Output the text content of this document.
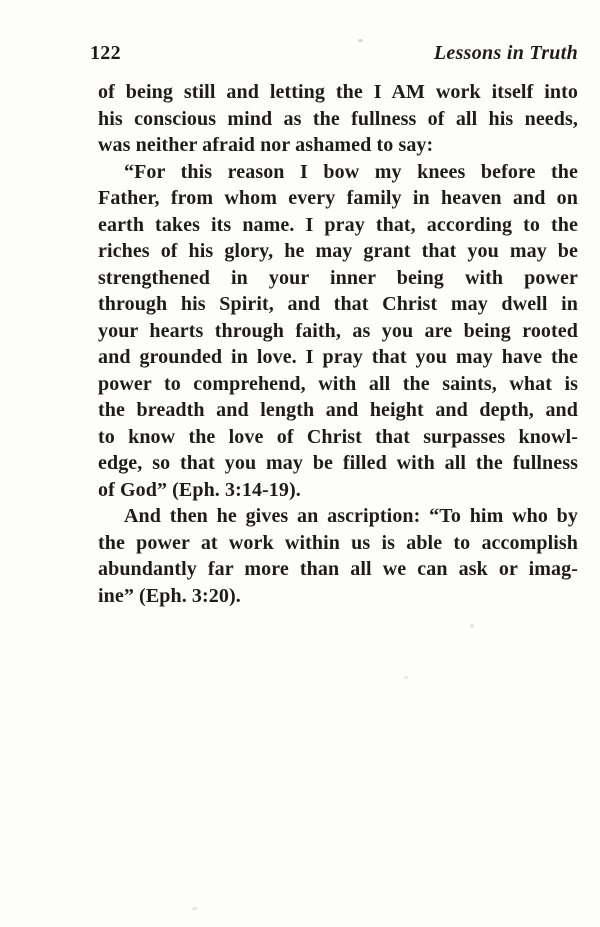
122	Lessons in Truth
of being still and letting the I AM work itself into
his conscious mind as the fullness of all his needs,
was neither afraid nor ashamed to say:
“For this reason I bow my knees before the
Father, from whom every family in heaven and on
earth takes its name. I pray that, according to the
riches of his glory, he may grant that you may be
strengthened in your inner being with power
through his Spirit, and that Christ may dwell in
your hearts through faith, as you are being rooted
and grounded in love. I pray that you may have the
power to comprehend, with all the saints, what is
the breadth and length and height and depth, and
to know the love of Christ that surpasses knowl-
edge, so that you may be filled with all the fullness
of God” (Eph. 3:14-19).
And then he gives an ascription: “To him who by
the power at work within us is able to accomplish
abundantly far more than all we can ask or imag-
ine” (Eph. 3:20).
